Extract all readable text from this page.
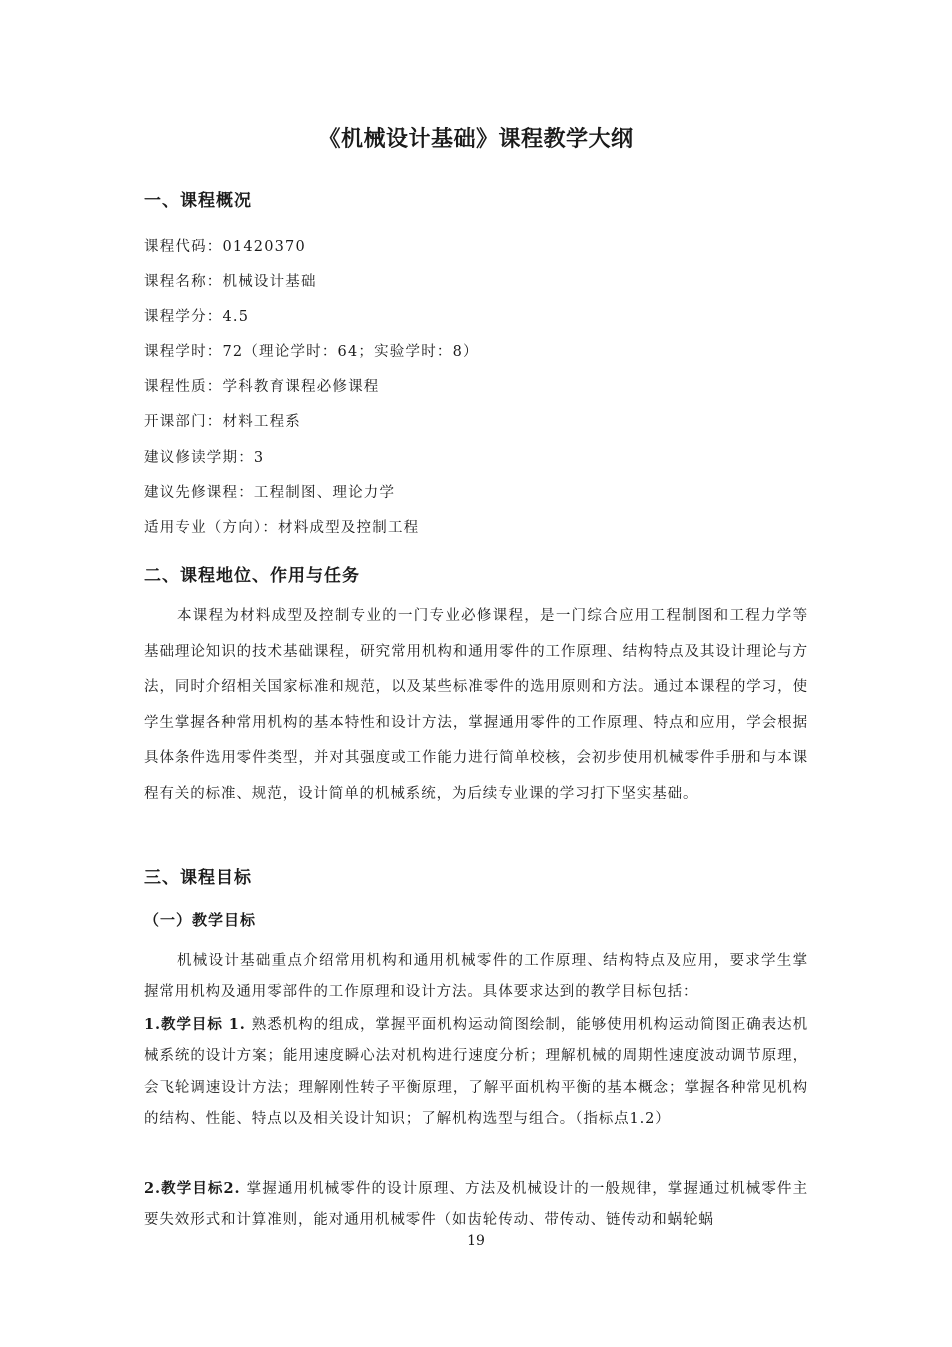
《机械设计基础》课程教学大纲
一、课程概况
课程代码：01420370
课程名称：机械设计基础
课程学分：4.5
课程学时：72（理论学时：64；实验学时：8）
课程性质：学科教育课程必修课程
开课部门：材料工程系
建议修读学期：3
建议先修课程：工程制图、理论力学
适用专业（方向）：材料成型及控制工程
二、课程地位、作用与任务

本课程为材料成型及控制专业的一门专业必修课程，是一门综合应用工程制图和工程力学等基础理论知识的技术基础课程，研究常用机构和通用零件的工作原理、结构特点及其设计理论与方法，同时介绍相关国家标准和规范，以及某些标准零件的选用原则和方法。通过本课程的学习，使学生掌握各种常用机构的基本特性和设计方法，掌握通用零件的工作原理、特点和应用，学会根据具体条件选用零件类型，并对其强度或工作能力进行简单校核，会初步使用机械零件手册和与本课程有关的标准、规范，设计简单的机械系统，为后续专业课的学习打下坚实基础。

三、课程目标
（一）教学目标

机械设计基础重点介绍常用机构和通用机械零件的工作原理、结构特点及应用，要求学生掌握常用机构及通用零部件的工作原理和设计方法。具体要求达到的教学目标包括：

1.教学目标 1. 熟悉机构的组成，掌握平面机构运动简图绘制，能够使用机构运动简图正确表达机械系统的设计方案；能用速度瞬心法对机构进行速度分析；理解机械的周期性速度波动调节原理，会飞轮调速设计方法；理解刚性转子平衡原理，了解平面机构平衡的基本概念；掌握各种常见机构的结构、性能、特点以及相关设计知识；了解机构选型与组合。（指标点1.2）

2.教学目标2. 掌握通用机械零件的设计原理、方法及机械设计的一般规律，掌握通过机械零件主要失效形式和计算准则，能对通用机械零件（如齿轮传动、带传动、链传动和蜗轮蜗

19
